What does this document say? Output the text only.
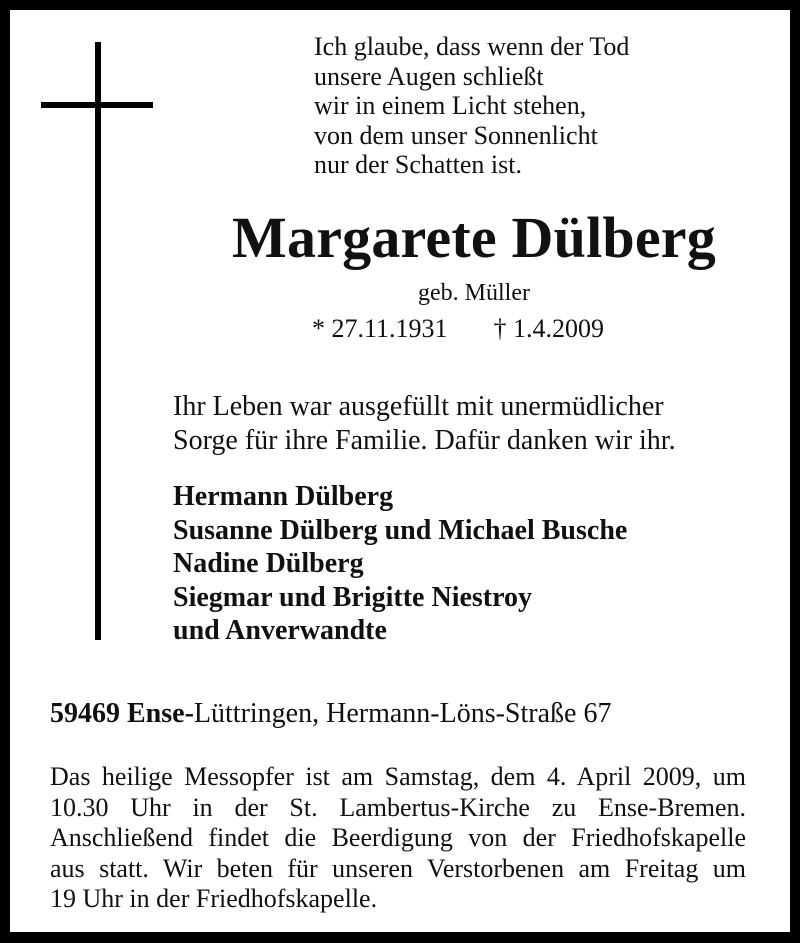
Ich glaube, dass wenn der Tod
unsere Augen schließt
wir in einem Licht stehen,
von dem unser Sonnenlicht
nur der Schatten ist.
Margarete Dülberg
geb. Müller
* 27.11.1931 † 1.4.2009
Ihr Leben war ausgefüllt mit unermüdlicher
Sorge für ihre Familie. Dafür danken wir ihr.
Hermann Dülberg
Susanne Dülberg und Michael Busche
Nadine Dülberg
Siegmar und Brigitte Niestroy
und Anverwandte
59469 Ense-Lüttringen, Hermann-Löns-Straße 67
Das heilige Messopfer ist am Samstag, dem 4. April 2009, um
10.30 Uhr in der St. Lambertus-Kirche zu Ense-Bremen.
Anschließend findet die Beerdigung von der Friedhofskapelle
aus statt. Wir beten für unseren Verstorbenen am Freitag um
19 Uhr in der Friedhofskapelle.
